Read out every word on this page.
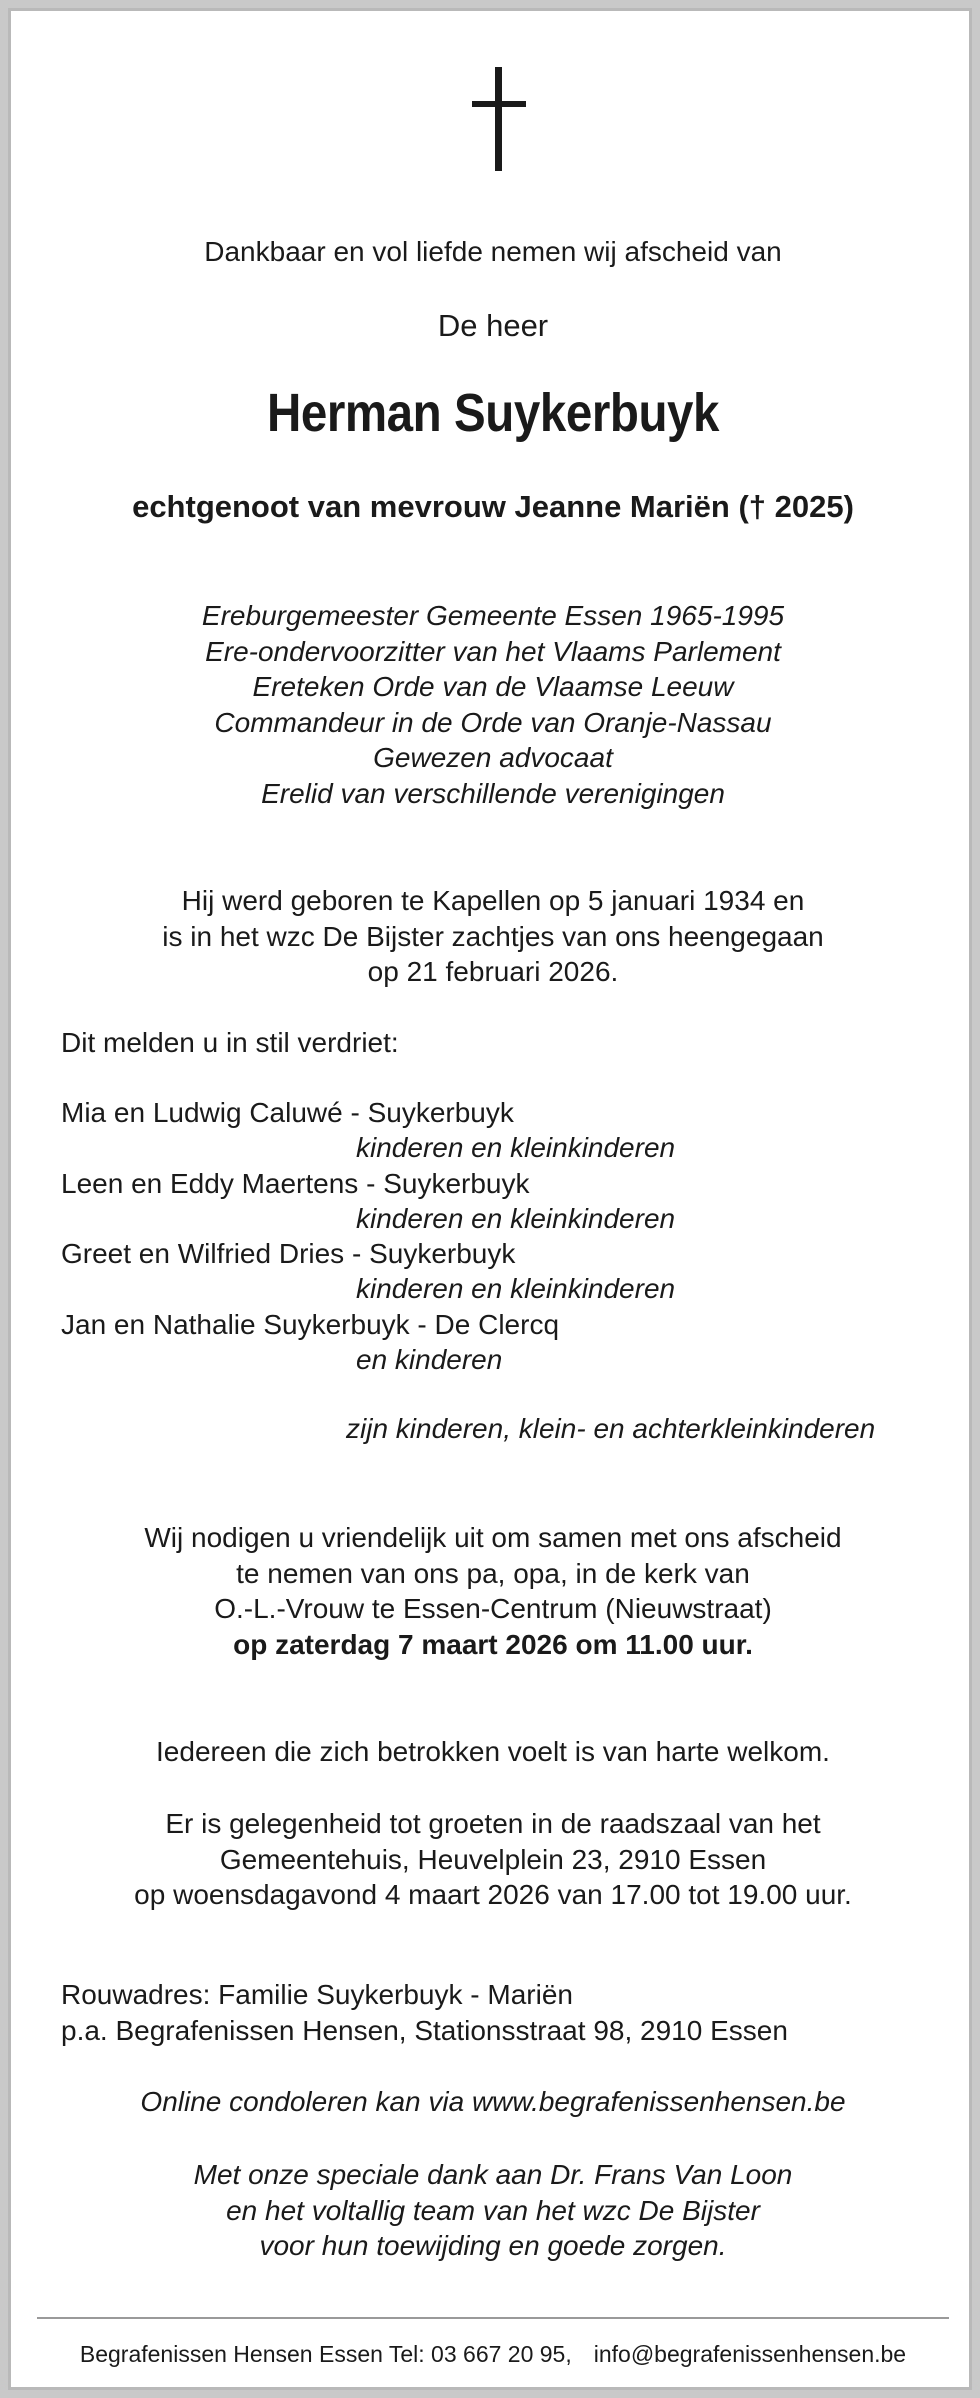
Dankbaar en vol liefde nemen wij afscheid van
De heer
Herman Suykerbuyk
echtgenoot van mevrouw Jeanne Mariën († 2025)
Ereburgemeester Gemeente Essen 1965-1995
Ere-ondervoorzitter van het Vlaams Parlement
Ereteken Orde van de Vlaamse Leeuw
Commandeur in de Orde van Oranje-Nassau
Gewezen advocaat
Erelid van verschillende verenigingen
Hij werd geboren te Kapellen op 5 januari 1934 en
is in het wzc De Bijster zachtjes van ons heengegaan
op 21 februari 2026.
Dit melden u in stil verdriet:
Mia en Ludwig Caluwé - Suykerbuyk
kinderen en kleinkinderen
Leen en Eddy Maertens - Suykerbuyk
kinderen en kleinkinderen
Greet en Wilfried Dries - Suykerbuyk
kinderen en kleinkinderen
Jan en Nathalie Suykerbuyk - De Clercq
en kinderen
zijn kinderen, klein- en achterkleinkinderen
Wij nodigen u vriendelijk uit om samen met ons afscheid
te nemen van ons pa, opa, in de kerk van
O.-L.-Vrouw te Essen-Centrum (Nieuwstraat)
op zaterdag 7 maart 2026 om 11.00 uur.
Iedereen die zich betrokken voelt is van harte welkom.
Er is gelegenheid tot groeten in de raadszaal van het
Gemeentehuis, Heuvelplein 23, 2910 Essen
op woensdagavond 4 maart 2026 van 17.00 tot 19.00 uur.
Rouwadres: Familie Suykerbuyk - Mariën
p.a. Begrafenissen Hensen, Stationsstraat 98, 2910 Essen
Online condoleren kan via www.begrafenissenhensen.be
Met onze speciale dank aan Dr. Frans Van Loon
en het voltallig team van het wzc De Bijster
voor hun toewijding en goede zorgen.
Begrafenissen Hensen Essen Tel: 03 667 20 95, info@begrafenissenhensen.be
